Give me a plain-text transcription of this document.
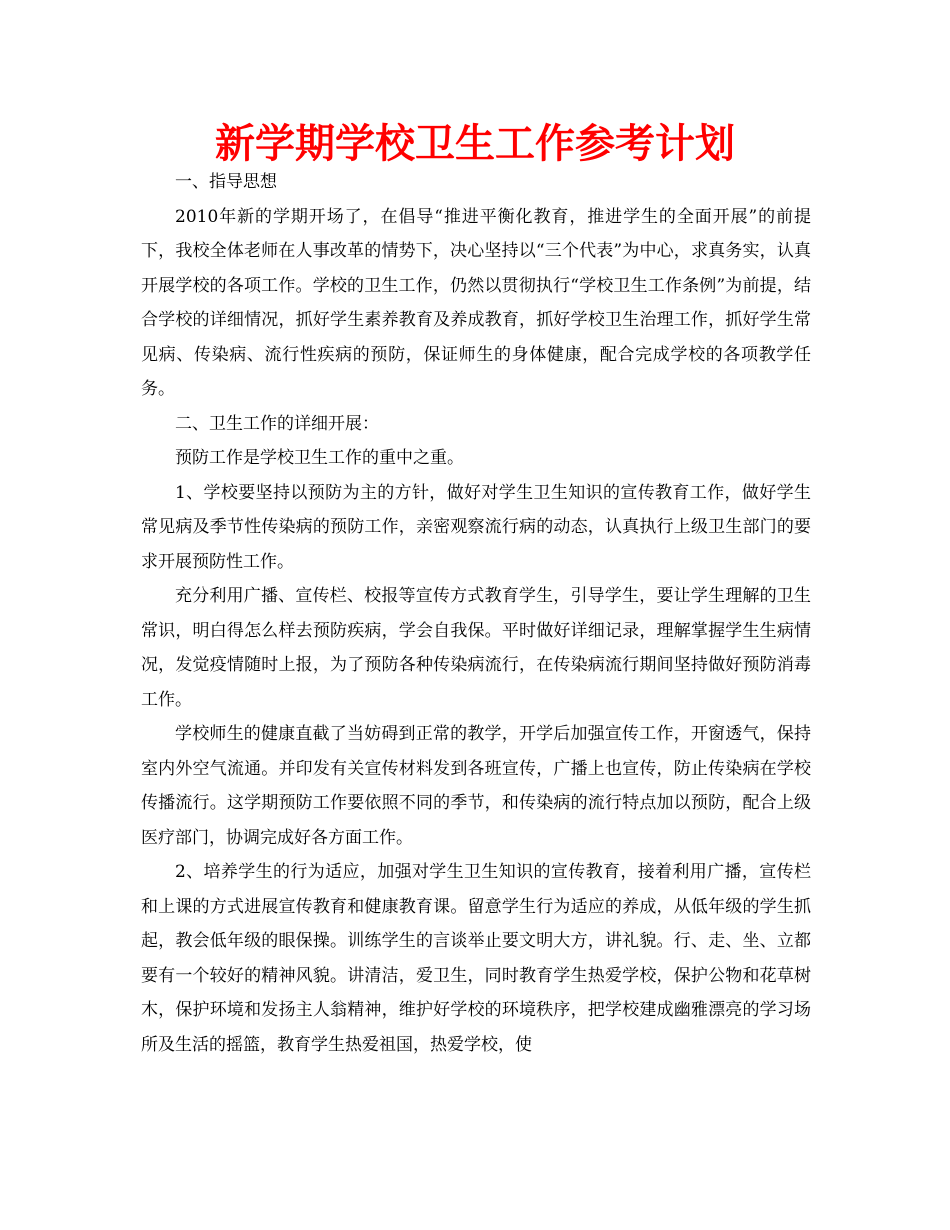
新学期学校卫生工作参考计划

一、指导思想

2010年新的学期开场了，在倡导“推进平衡化教育，推进学生的全面开展”的前提下，我校全体老师在人事改革的情势下，决心坚持以“三个代表”为中心，求真务实，认真开展学校的各项工作。学校的卫生工作，仍然以贯彻执行“学校卫生工作条例”为前提，结合学校的详细情况，抓好学生素养教育及养成教育，抓好学校卫生治理工作，抓好学生常见病、传染病、流行性疾病的预防，保证师生的身体健康，配合完成学校的各项教学任务。

二、卫生工作的详细开展：

预防工作是学校卫生工作的重中之重。

1、学校要坚持以预防为主的方针，做好对学生卫生知识的宣传教育工作，做好学生常见病及季节性传染病的预防工作，亲密观察流行病的动态，认真执行上级卫生部门的要求开展预防性工作。

充分利用广播、宣传栏、校报等宣传方式教育学生，引导学生，要让学生理解的卫生常识，明白得怎么样去预防疾病，学会自我保。平时做好详细记录，理解掌握学生生病情况，发觉疫情随时上报，为了预防各种传染病流行，在传染病流行期间坚持做好预防消毒工作。

学校师生的健康直截了当妨碍到正常的教学，开学后加强宣传工作，开窗透气，保持室内外空气流通。并印发有关宣传材料发到各班宣传，广播上也宣传，防止传染病在学校传播流行。这学期预防工作要依照不同的季节，和传染病的流行特点加以预防，配合上级医疗部门，协调完成好各方面工作。

2、培养学生的行为适应，加强对学生卫生知识的宣传教育，接着利用广播，宣传栏和上课的方式进展宣传教育和健康教育课。留意学生行为适应的养成，从低年级的学生抓起，教会低年级的眼保操。训练学生的言谈举止要文明大方，讲礼貌。行、走、坐、立都要有一个较好的精神风貌。讲清洁，爱卫生，同时教育学生热爱学校，保护公物和花草树木，保护环境和发扬主人翁精神，维护好学校的环境秩序，把学校建成幽雅漂亮的学习场所及生活的摇篮，教育学生热爱祖国，热爱学校，使
